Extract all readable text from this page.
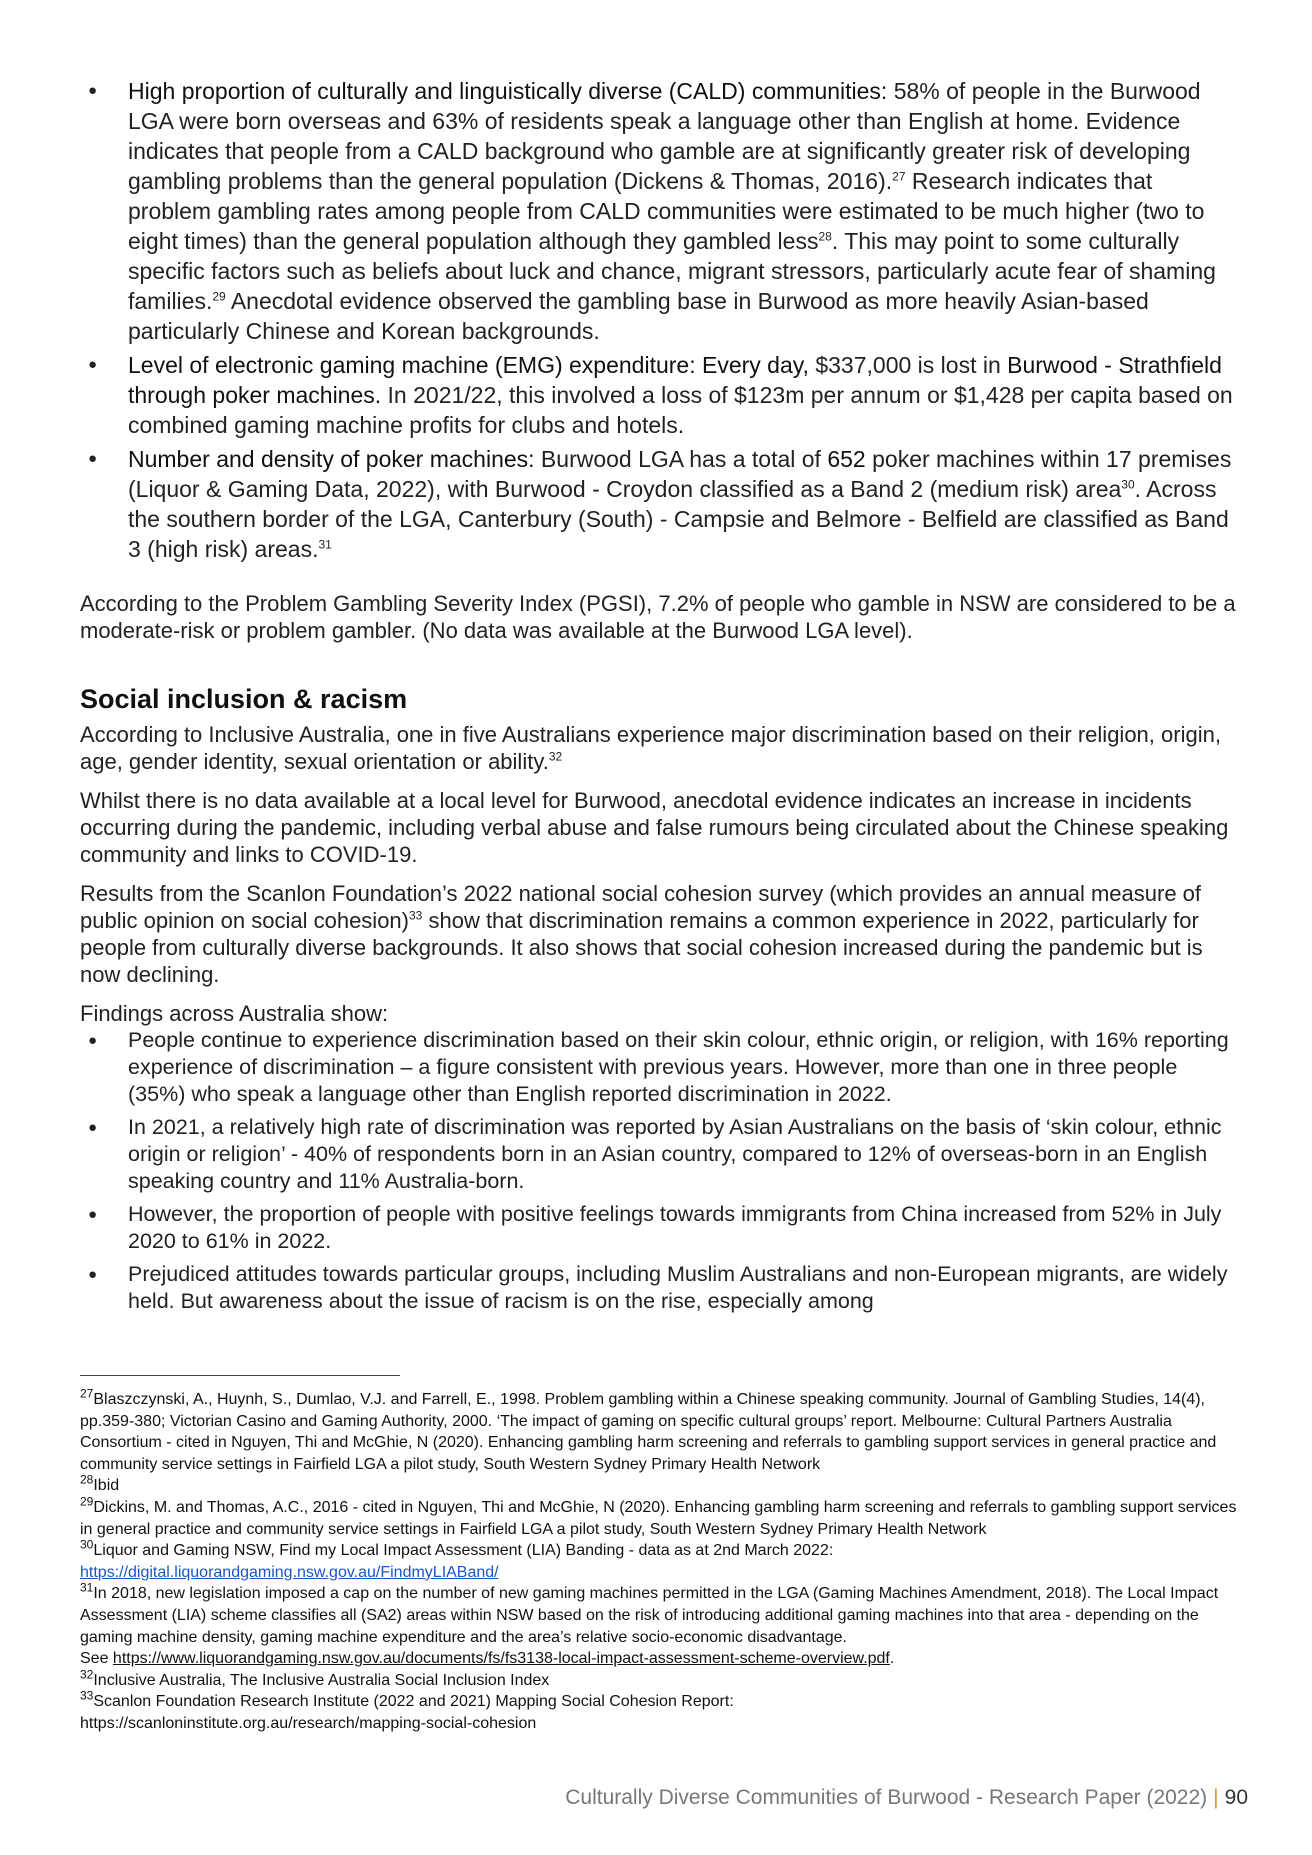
● High proportion of culturally and linguistically diverse (CALD) communities: 58% of people in the Burwood LGA were born overseas and 63% of residents speak a language other than English at home. Evidence indicates that people from a CALD background who gamble are at significantly greater risk of developing gambling problems than the general population (Dickens & Thomas, 2016).$^{27}$ Research indicates that problem gambling rates among people from CALD communities were estimated to be much higher (two to eight times) than the general population although they gambled less$^{28}$. This may point to some culturally specific factors such as beliefs about luck and chance, migrant stressors, particularly acute fear of shaming families.$^{29}$ Anecdotal evidence observed the gambling base in Burwood as more heavily Asian-based particularly Chinese and Korean backgrounds.
● Level of electronic gaming machine (EMG) expenditure: Every day, $337,000 is lost in Burwood - Strathfield through poker machines. In 2021/22, this involved a loss of $123m per annum or $1,428 per capita based on combined gaming machine profits for clubs and hotels.
● Number and density of poker machines: Burwood LGA has a total of 652 poker machines within 17 premises (Liquor & Gaming Data, 2022), with Burwood - Croydon classified as a Band 2 (medium risk) area$^{30}$. Across the southern border of the LGA, Canterbury (South) - Campsie and Belmore - Belfield are classified as Band 3 (high risk) areas.$^{31}$

According to the Problem Gambling Severity Index (PGSI), 7.2% of people who gamble in NSW are considered to be a moderate-risk or problem gambler. (No data was available at the Burwood LGA level).

Social inclusion & racism

According to Inclusive Australia, one in five Australians experience major discrimination based on their religion, origin, age, gender identity, sexual orientation or ability.$^{32}$

Whilst there is no data available at a local level for Burwood, anecdotal evidence indicates an increase in incidents occurring during the pandemic, including verbal abuse and false rumours being circulated about the Chinese speaking community and links to COVID-19.

Results from the Scanlon Foundation’s 2022 national social cohesion survey (which provides an annual measure of public opinion on social cohesion)$^{33}$ show that discrimination remains a common experience in 2022, particularly for people from culturally diverse backgrounds. It also shows that social cohesion increased during the pandemic but is now declining.

Findings across Australia show:

● People continue to experience discrimination based on their skin colour, ethnic origin, or religion, with 16% reporting experience of discrimination – a figure consistent with previous years. However, more than one in three people (35%) who speak a language other than English reported discrimination in 2022.
● In 2021, a relatively high rate of discrimination was reported by Asian Australians on the basis of ‘skin colour, ethnic origin or religion’ - 40% of respondents born in an Asian country, compared to 12% of overseas-born in an English speaking country and 11% Australia-born.
● However, the proportion of people with positive feelings towards immigrants from China increased from 52% in July 2020 to 61% in 2022.
● Prejudiced attitudes towards particular groups, including Muslim Australians and non-European migrants, are widely held. But awareness about the issue of racism is on the rise, especially among
$^{27}$Blaszczynski, A., Huynh, S., Dumlao, V.J. and Farrell, E., 1998. Problem gambling within a Chinese speaking community. Journal of Gambling Studies, 14(4), pp.359-380; Victorian Casino and Gaming Authority, 2000. ‘The impact of gaming on specific cultural groups’ report. Melbourne: Cultural Partners Australia Consortium - cited in Nguyen, Thi and McGhie, N (2020). Enhancing gambling harm screening and referrals to gambling support services in general practice and community service settings in Fairfield LGA a pilot study, South Western Sydney Primary Health Network
$^{28}$Ibid
$^{29}$Dickins, M. and Thomas, A.C., 2016 - cited in Nguyen, Thi and McGhie, N (2020). Enhancing gambling harm screening and referrals to gambling support services in general practice and community service settings in Fairfield LGA a pilot study, South Western Sydney Primary Health Network
$^{30}$Liquor and Gaming NSW, Find my Local Impact Assessment (LIA) Banding - data as at 2nd March 2022:
https://digital.liquorandgaming.nsw.gov.au/FindmyLIABand/
$^{31}$In 2018, new legislation imposed a cap on the number of new gaming machines permitted in the LGA (Gaming Machines Amendment, 2018). The Local Impact Assessment (LIA) scheme classifies all (SA2) areas within NSW based on the risk of introducing additional gaming machines into that area - depending on the gaming machine density, gaming machine expenditure and the area’s relative socio-economic disadvantage.
See https://www.liquorandgaming.nsw.gov.au/documents/fs/fs3138-local-impact-assessment-scheme-overview.pdf.
$^{32}$Inclusive Australia, The Inclusive Australia Social Inclusion Index
$^{33}$Scanlon Foundation Research Institute (2022 and 2021) Mapping Social Cohesion Report:
https://scanloninstitute.org.au/research/mapping-social-cohesion
Culturally Diverse Communities of Burwood - Research Paper (2022) | 90
